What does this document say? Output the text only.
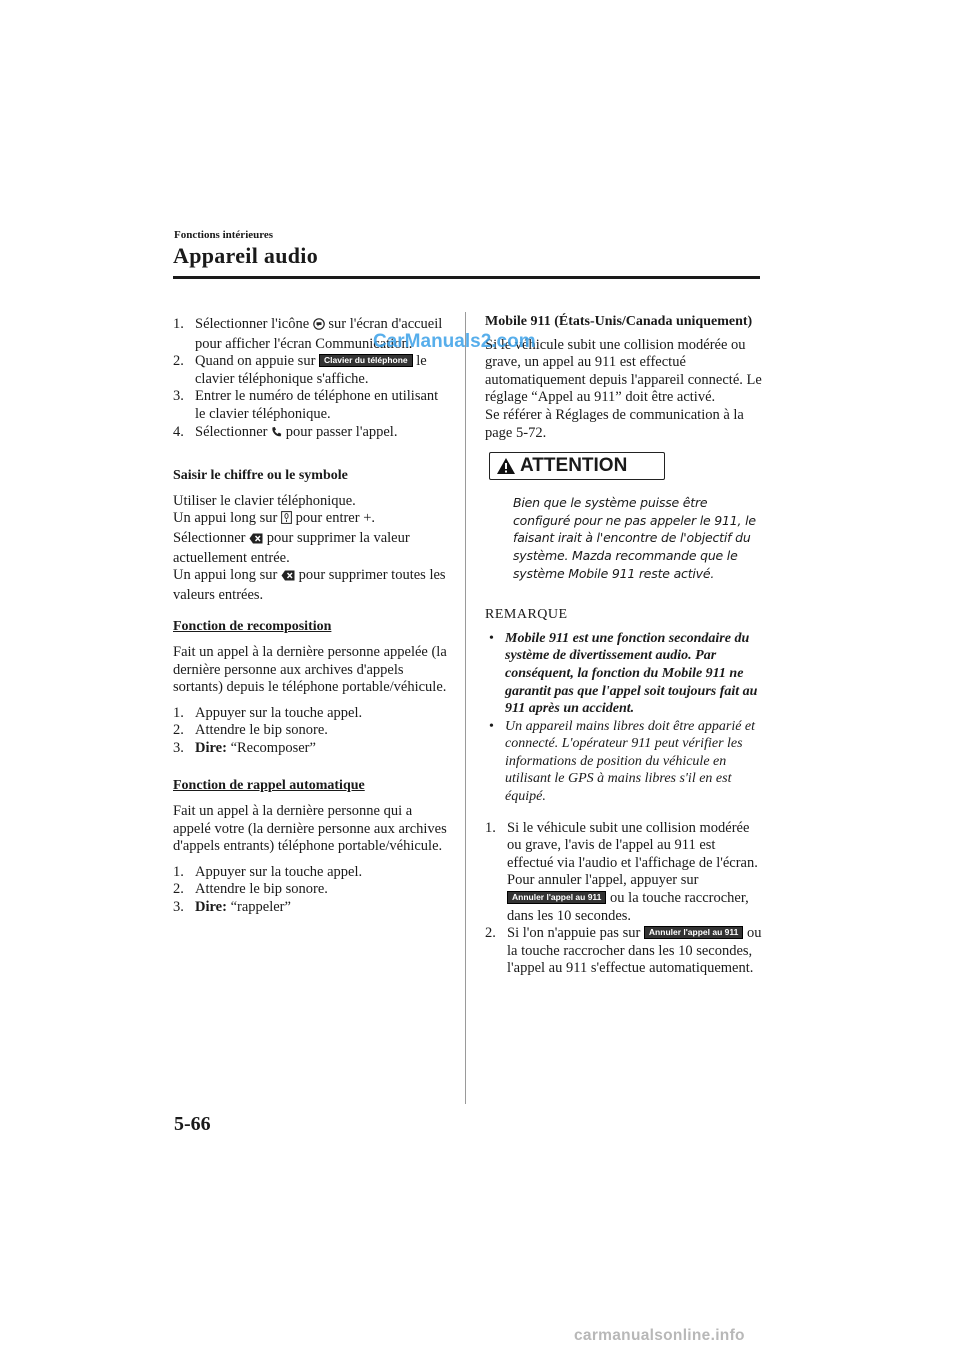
Fonctions intérieures
Appareil audio
1. Sélectionner l'icône sur l'écran d'accueil pour afficher l'écran Communication.
2. Quand on appuie sur Clavier du téléphone le clavier téléphonique s'affiche.
3. Entrer le numéro de téléphone en utilisant le clavier téléphonique.
4. Sélectionner pour passer l'appel.

Saisir le chiffre ou le symbole

Utiliser le clavier téléphonique.

Un appui long sur pour entrer +.

Sélectionner pour supprimer la valeur actuellement entrée.

Un appui long sur pour supprimer toutes les valeurs entrées.

Fonction de recomposition

Fait un appel à la dernière personne appelée (la dernière personne aux archives d'appels sortants) depuis le téléphone portable/véhicule.

1. Appuyer sur la touche appel.
2. Attendre le bip sonore.
3. Dire: “Recomposer”

Fonction de rappel automatique

Fait un appel à la dernière personne qui a appelé votre (la dernière personne aux archives d'appels entrants) téléphone portable/véhicule.

1. Appuyer sur la touche appel.
2. Attendre le bip sonore.
3. Dire: “rappeler”

Mobile 911 (États-Unis/Canada uniquement)

Si le véhicule subit une collision modérée ou grave, un appel au 911 est effectué automatiquement depuis l'appareil connecté. Le réglage “Appel au 911” doit être activé.

Se référer à Réglages de communication à la page 5-72.

ATTENTION

Bien que le système puisse être configuré pour ne pas appeler le 911, le faisant irait à l'encontre de l'objectif du système. Mazda recommande que le système Mobile 911 reste activé.

REMARQUE

• Mobile 911 est une fonction secondaire du système de divertissement audio. Par conséquent, la fonction du Mobile 911 ne garantit pas que l'appel soit toujours fait au 911 après un accident.
• Un appareil mains libres doit être apparié et connecté. L'opérateur 911 peut vérifier les informations de position du véhicule en utilisant le GPS à mains libres s'il en est équipé.
1. Si le véhicule subit une collision modérée ou grave, l'avis de l'appel au 911 est effectué via l'audio et l'affichage de l'écran. Pour annuler l'appel, appuyer sur Annuler l'appel au 911 ou la touche raccrocher, dans les 10 secondes.
2. Si l'on n'appuie pas sur Annuler l'appel au 911 ou la touche raccrocher dans les 10 secondes, l'appel au 911 s'effectue automatiquement.
CarManuals2.com
5-66
carmanualsonline.info
